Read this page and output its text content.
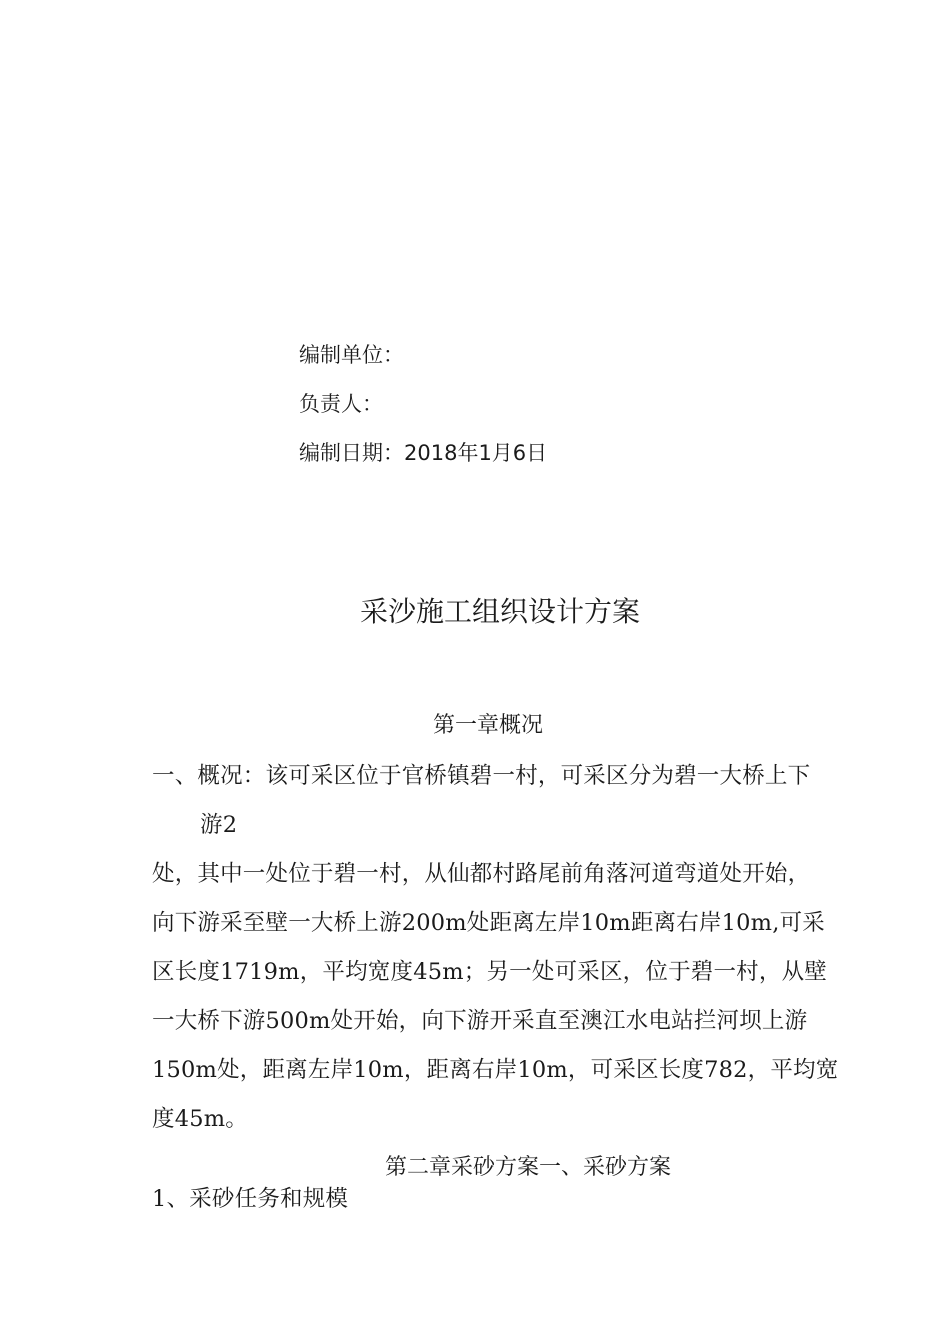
编制单位：
负责人：
编制日期：2018年1月6日
采沙施工组织设计方案
第一章概况
一、概况：该可采区位于官桥镇碧一村，可采区分为碧一大桥上下
游2
处，其中一处位于碧一村，从仙都村路尾前角落河道弯道处开始，
向下游采至壁一大桥上游200m处距离左岸10m距离右岸10m,可采
区长度1719m，平均宽度45m；另一处可采区，位于碧一村，从壁
一大桥下游500m处开始，向下游开采直至澳江水电站拦河坝上游
150m处，距离左岸10m，距离右岸10m，可采区长度782，平均宽
度45m。
第二章采砂方案一、采砂方案
1、采砂任务和规模
